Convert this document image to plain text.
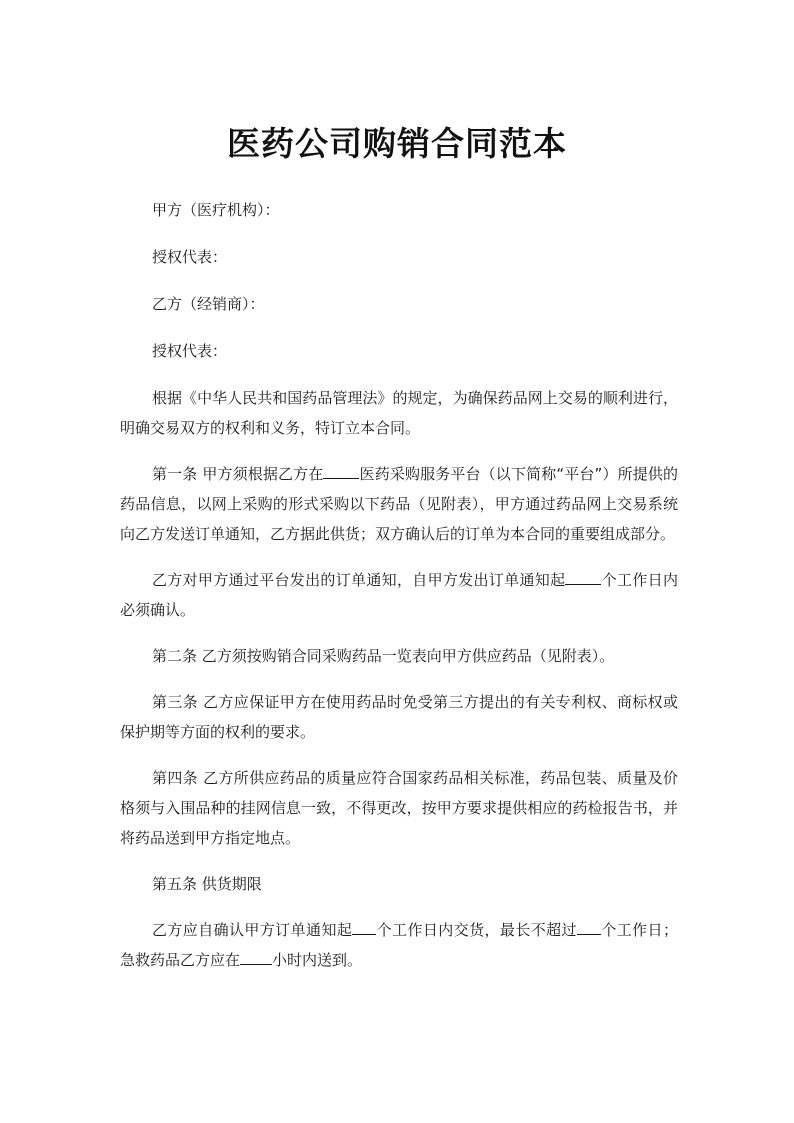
医药公司购销合同范本

甲方（医疗机构）：

授权代表：

乙方（经销商）：

授权代表：

根据《中华人民共和国药品管理法》的规定，为确保药品网上交易的顺利进行，明确交易双方的权利和义务，特订立本合同。

第一条 甲方须根据乙方在 医药采购服务平台（以下简称“平台”）所提供的药品信息，以网上采购的形式采购以下药品（见附表），甲方通过药品网上交易系统向乙方发送订单通知，乙方据此供货；双方确认后的订单为本合同的重要组成部分。

乙方对甲方通过平台发出的订单通知，自甲方发出订单通知起 个工作日内必须确认。

第二条 乙方须按购销合同采购药品一览表向甲方供应药品（见附表）。

第三条 乙方应保证甲方在使用药品时免受第三方提出的有关专利权、商标权或保护期等方面的权利的要求。

第四条 乙方所供应药品的质量应符合国家药品相关标准，药品包装、质量及价格须与入围品种的挂网信息一致，不得更改，按甲方要求提供相应的药检报告书，并将药品送到甲方指定地点。

第五条 供货期限

乙方应自确认甲方订单通知起 个工作日内交货，最长不超过 个工作日；急救药品乙方应在 小时内送到。
